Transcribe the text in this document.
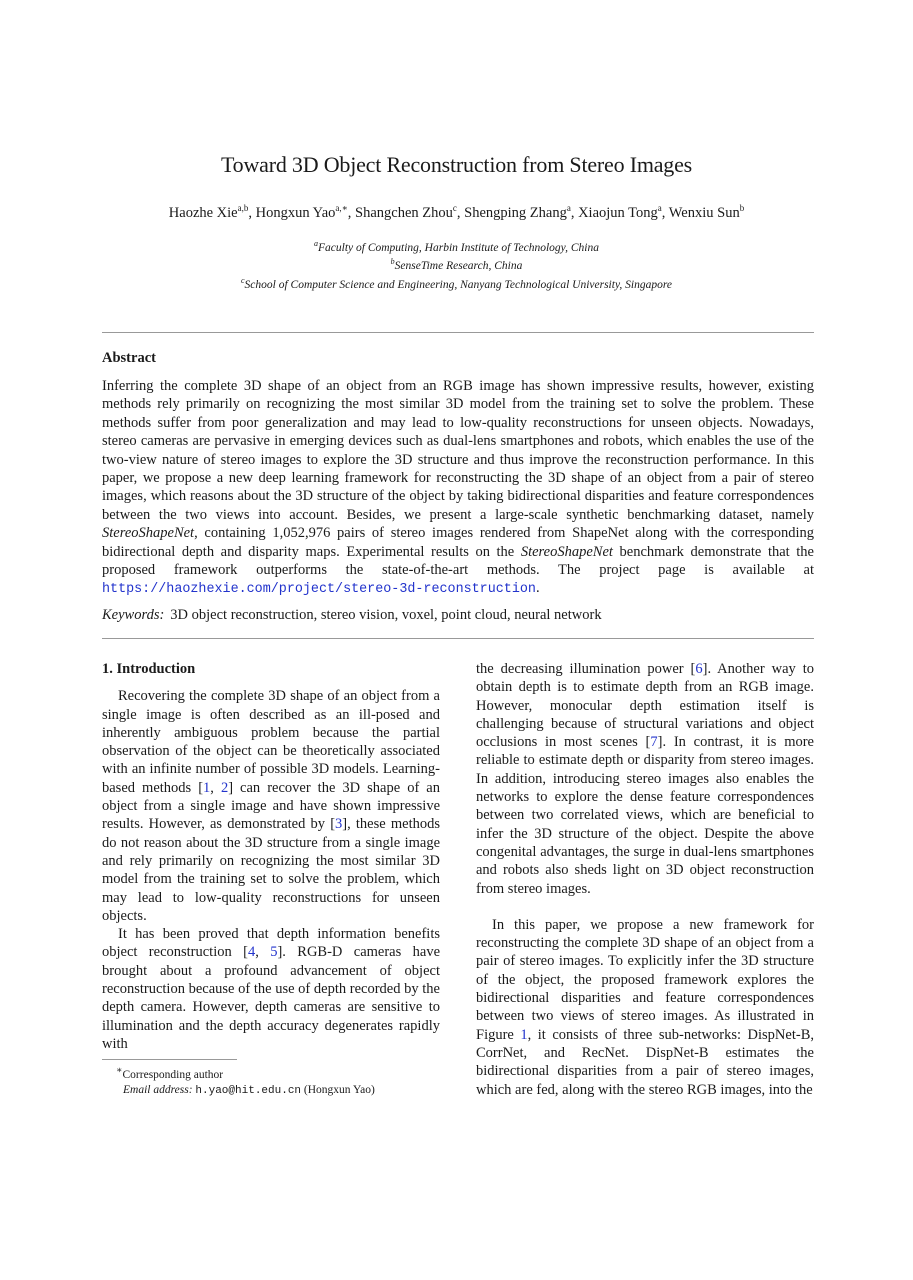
Toward 3D Object Reconstruction from Stereo Images
Haozhe Xie$^{a,b}$, Hongxun Yao$^{a,∗}$, Shangchen Zhou$^c$, Shengping Zhang$^a$, Xiaojun Tong$^a$, Wenxiu Sun$^b$
$^a$Faculty of Computing, Harbin Institute of Technology, China
$^b$SenseTime Research, China
$^c$School of Computer Science and Engineering, Nanyang Technological University, Singapore
Abstract
Inferring the complete 3D shape of an object from an RGB image has shown impressive results, however, existing methods rely primarily on recognizing the most similar 3D model from the training set to solve the problem. These methods suffer from poor generalization and may lead to low-quality reconstructions for unseen objects. Nowadays, stereo cameras are pervasive in emerging devices such as dual-lens smartphones and robots, which enables the use of the two-view nature of stereo images to explore the 3D structure and thus improve the reconstruction performance. In this paper, we propose a new deep learning framework for reconstructing the 3D shape of an object from a pair of stereo images, which reasons about the 3D structure of the object by taking bidirectional disparities and feature correspondences between the two views into account. Besides, we present a large-scale synthetic benchmarking dataset, namely StereoShapeNet, containing 1,052,976 pairs of stereo images rendered from ShapeNet along with the corresponding bidirectional depth and disparity maps. Experimental results on the StereoShapeNet benchmark demonstrate that the proposed framework outperforms the state-of-the-art methods. The project page is available at https://haozhexie.com/project/stereo-3d-reconstruction.
Keywords: 3D object reconstruction, stereo vision, voxel, point cloud, neural network
1. Introduction

Recovering the complete 3D shape of an object from a single image is often described as an ill-posed and inherently ambiguous problem because the partial observation of the object can be theoretically associated with an infinite number of possible 3D models. Learning-based methods [1, 2] can recover the 3D shape of an object from a single image and have shown impressive results. However, as demonstrated by [3], these methods do not reason about the 3D structure from a single image and rely primarily on recognizing the most similar 3D model from the training set to solve the problem, which may lead to low-quality reconstructions for unseen objects.

It has been proved that depth information benefits object reconstruction [4, 5]. RGB-D cameras have brought about a profound advancement of object reconstruction because of the use of depth recorded by the depth camera. However, depth cameras are sensitive to illumination and the depth accuracy degenerates rapidly with

the decreasing illumination power [6]. Another way to obtain depth is to estimate depth from an RGB image. However, monocular depth estimation itself is challenging because of structural variations and object occlusions in most scenes [7]. In contrast, it is more reliable to estimate depth or disparity from stereo images. In addition, introducing stereo images also enables the networks to explore the dense feature correspondences between two correlated views, which are beneficial to infer the 3D structure of the object. Despite the above congenital advantages, the surge in dual-lens smartphones and robots also sheds light on 3D object reconstruction from stereo images.

In this paper, we propose a new framework for reconstructing the complete 3D shape of an object from a pair of stereo images. To explicitly infer the 3D structure of the object, the proposed framework explores the bidirectional disparities and feature correspondences between two views of stereo images. As illustrated in Figure 1, it consists of three sub-networks: DispNet-B, CorrNet, and RecNet. DispNet-B estimates the bidirectional disparities from a pair of stereo images, which are fed, along with the stereo RGB images, into the

∗Corresponding author
Email address: h.yao@hit.edu.cn (Hongxun Yao)
